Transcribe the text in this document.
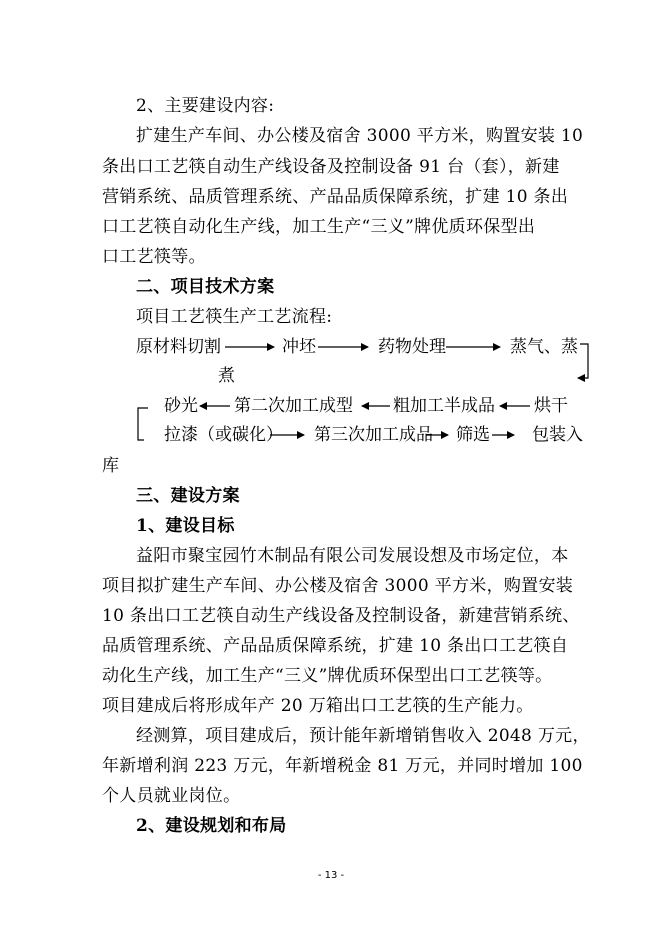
2、主要建设内容:
扩建生产车间、办公楼及宿舍 3000 平方米，购置安装 10
条出口工艺筷自动生产线设备及控制设备 91 台（套），新建
营销系统、品质管理系统、产品品质保障系统，扩建 10 条出
口工艺筷自动化生产线，加工生产“三义”牌优质环保型出
口工艺筷等。
二、项目技术方案
项目工艺筷生产工艺流程:
原材料切割	冲坯	药物处理	蒸气、蒸
煮
烘干
粗加工半成品
第二次加工成型
砂光
拉漆（或碳化） 第三次加工成品 筛选 包装入
库
三、建设方案
1、建设目标
益阳市聚宝园竹木制品有限公司发展设想及市场定位，本
项目拟扩建生产车间、办公楼及宿舍 3000 平方米，购置安装
10 条出口工艺筷自动生产线设备及控制设备，新建营销系统、
品质管理系统、产品品质保障系统，扩建 10 条出口工艺筷自
动化生产线，加工生产“三义”牌优质环保型出口工艺筷等。
项目建成后将形成年产 20 万箱出口工艺筷的生产能力。
经测算，项目建成后，预计能年新增销售收入 2048 万元，
年新增利润 223 万元，年新增税金 81 万元，并同时增加 100
个人员就业岗位。
2、建设规划和布局
- 13 -
